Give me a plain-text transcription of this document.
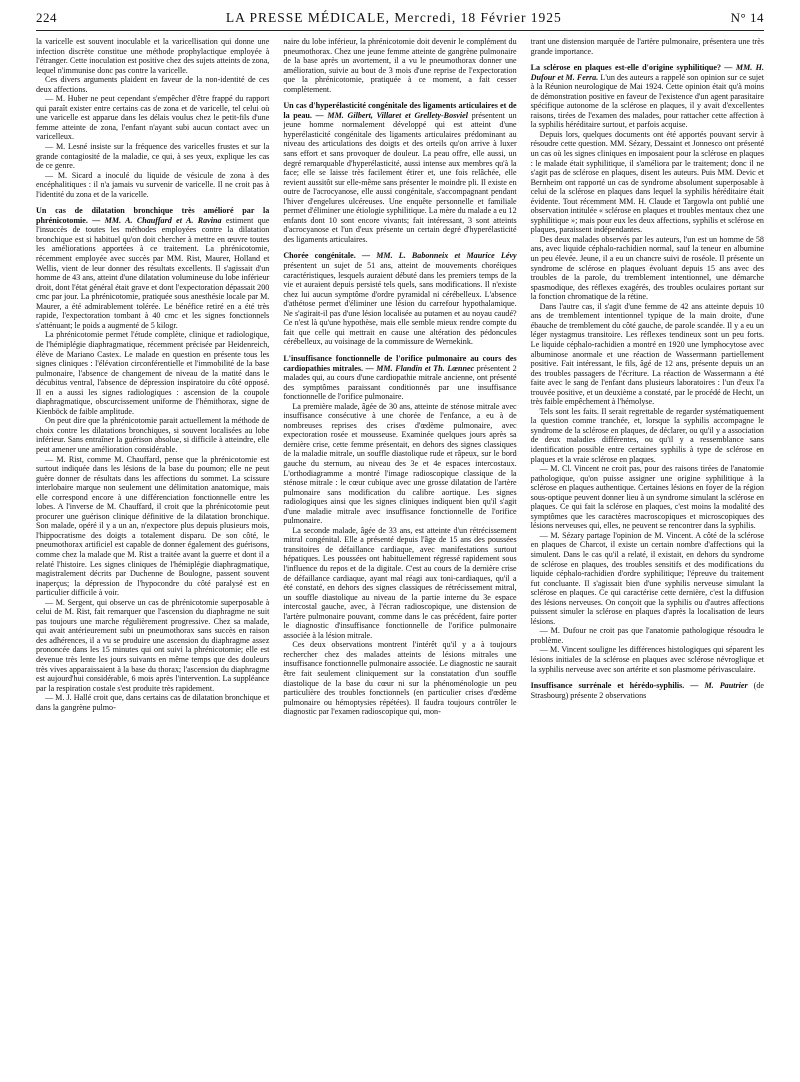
224	LA PRESSE MÉDICALE, Mercredi, 18 Février 1925	N° 14

la varicelle est souvent inoculable et la varicellisation qui donne une infection discrète constitue une méthode prophylactique employée à l'étranger. Cette inoculation est positive chez des sujets atteints de zona, lequel n'immunise donc pas contre la varicelle.

Ces divers arguments plaident en faveur de la non-identité de ces deux affections.

— M. Huber ne peut cependant s'empêcher d'être frappé du rapport qui paraît exister entre certains cas de zona et de varicelle, tel celui où une varicelle est apparue dans les délais voulus chez le petit-fils d'une femme atteinte de zona, l'enfant n'ayant subi aucun contact avec un varicelleux.

— M. Lesné insiste sur la fréquence des varicelles frustes et sur la grande contagiosité de la maladie, ce qui, à ses yeux, explique les cas de ce genre.

— M. Sicard a inoculé du liquide de vésicule de zona à des encéphalitiques : il n'a jamais vu survenir de varicelle. Il ne croit pas à l'identité du zona et de la varicelle.

Un cas de dilatation bronchique très amélioré par la phrénicotomie. — MM. A. Chauffard et A. Ravina estiment que l'insuccès de toutes les méthodes employées contre la dilatation bronchique est si habituel qu'on doit chercher à mettre en œuvre toutes les améliorations apportées à ce traitement. La phrénicotomie, récemment employée avec succès par MM. Rist, Maurer, Holland et Wellis, vient de leur donner des résultats excellents. Il s'agissait d'un homme de 43 ans, atteint d'une dilatation volumineuse du lobe inférieur droit, dont l'état général était grave et dont l'expectoration dépassait 200 cmc par jour. La phrénicotomie, pratiquée sous anesthésie locale par M. Maurer, a été admirablement tolérée. Le bénéfice retiré en a été très rapide, l'expectoration tombant à 40 cmc et les signes fonctionnels s'atténuant; le poids a augmenté de 5 kilogr.

La phrénicotomie permet l'étude complète, clinique et radiologique, de l'hémiplégie diaphragmatique, récemment précisée par Heidenreich, élève de Mariano Castex. Le malade en question en présente tous les signes cliniques : l'élévation circonférentielle et l'immobilité de la base pulmonaire, l'absence de changement de niveau de la matité dans le décubitus ventral, l'absence de dépression inspiratoire du côté opposé. Il en a aussi les signes radiologiques : ascension de la coupole diaphragmatique, obscurcissement uniforme de l'hémithorax, signe de Kienböck de faible amplitude.

On peut dire que la phrénicotomie parait actuellement la méthode de choix contre les dilatations bronchiques, si souvent localisées au lobe inférieur. Sans entraîner la guérison absolue, si difficile à atteindre, elle peut amener une amélioration considérable.

— M. Rist, comme M. Chauffard, pense que la phrénicotomie est surtout indiquée dans les lésions de la base du poumon; elle ne peut guère donner de résultats dans les affections du sommet. La scissure interlobaire marque non seulement une délimitation anatomique, mais elle correspond encore à une différenciation fonctionnelle entre les lobes. A l'inverse de M. Chauffard, il croit que la phrénicotomie peut procurer une guérison clinique définitive de la dilatation bronchique. Son malade, opéré il y a un an, n'expectore plus depuis plusieurs mois, l'hippocratisme des doigts a totalement disparu. De son côté, le pneumothorax artificiel est capable de donner également des guérisons, comme chez la malade que M. Rist a traitée avant la guerre et dont il a relaté l'histoire. Les signes cliniques de l'hémiplégie diaphragmatique, magistralement décrits par Duchenne de Boulogne, passent souvent inaperçus; la dépression de l'hypocondre du côté paralysé est en particulier difficile à voir.

— M. Sergent, qui observe un cas de phrénicotomie superposable à celui de M. Rist, fait remarquer que l'ascension du diaphragme ne suit pas toujours une marche régulièrement progressive. Chez sa malade, qui avait antérieurement subi un pneumothorax sans succès en raison des adhérences, il a vu se produire une ascension du diaphragme assez prononcée dans les 15 minutes qui ont suivi la phrénicotomie; elle est devenue très lente les jours suivants en même temps que des douleurs très vives apparaissaient à la base du thorax; l'ascension du diaphragme est aujourd'hui considérable, 6 mois après l'intervention. La suppléance par la respiration costale s'est produite très rapidement.

— M. J. Hallé croit que, dans certains cas de dilatation bronchique et dans la gangrène pulmo-

naire du lobe inférieur, la phrénicotomie doit devenir le complément du pneumothorax. Chez une jeune femme atteinte de gangrène pulmonaire de la base après un avortement, il a vu le pneumothorax donner une amélioration, suivie au bout de 3 mois d'une reprise de l'expectoration que la phrénicotomie, pratiquée à ce moment, a fait cesser complètement.

Un cas d'hyperélasticité congénitale des ligaments articulaires et de la peau. — MM. Gilbert, Villaret et Grellety-Bosviel présentent un jeune homme normalement développé qui est atteint d'une hyperélasticité congénitale des ligaments articulaires prédominant au niveau des articulations des doigts et des orteils qu'on arrive à luxer sans effort et sans provoquer de douleur. La peau offre, elle aussi, un degré remarquable d'hyperélasticité, aussi intense aux membres qu'à la face; elle se laisse très facilement étirer et, une fois relâchée, elle revient aussitôt sur elle-même sans présenter le moindre pli. Il existe en outre de l'acrocyanose, elle aussi congénitale, s'accompagnant pendant l'hiver d'engelures ulcéreuses. Une enquête personnelle et familiale permet d'éliminer une étiologie syphilitique. La mère du malade a eu 12 enfants dont 10 sont encore vivants; fait intéressant, 3 sont atteints d'acrocyanose et l'un d'eux présente un certain degré d'hyperélasticité des ligaments articulaires.
Chorée congénitale. — MM. L. Babonneix et Maurice Lévy présentent un sujet de 51 ans, atteint de mouvements choréiques caractéristiques, lesquels auraient débuté dans les premiers temps de la vie et auraient depuis persisté tels quels, sans modifications. Il n'existe chez lui aucun symptôme d'ordre pyramidal ni cérébelleux. L'absence d'athétose permet d'éliminer une lésion du carrefour hypothalamique. Ne s'agirait-il pas d'une lésion localisée au putamen et au noyau caudé? Ce n'est là qu'une hypothèse, mais elle semble mieux rendre compte du fait que celle qui mettrait en cause une altération des pédoncules cérébelleux, au voisinage de la commissure de Wernekink.
L'insuffisance fonctionnelle de l'orifice pulmonaire au cours des cardiopathies mitrales. — MM. Flandin et Th. Lœnnec présentent 2 malades qui, au cours d'une cardiopathie mitrale ancienne, ont présenté des symptômes paraissant conditionnés par une insuffisance fonctionnelle de l'orifice pulmonaire.

La première malade, âgée de 30 ans, atteinte de sténose mitrale avec insuffisance consécutive à une chorée de l'enfance, a eu à de nombreuses reprises des crises d'œdème pulmonaire, avec expectoration rosée et mousseuse. Examinée quelques jours après sa dernière crise, cette femme présentait, en dehors des signes classiques de la maladie mitrale, un souffle diastolique rude et râpeux, sur le bord gauche du sternum, au niveau des 3e et 4e espaces intercostaux. L'orthodiagramme a montré l'image radioscopique classique de la sténose mitrale : le cœur cubique avec une grosse dilatation de l'artère pulmonaire sans modification du calibre aortique. Les signes radiologiques ainsi que les signes cliniques indiquent bien qu'il s'agit d'une maladie mitrale avec insuffisance fonctionnelle de l'orifice pulmonaire.

La seconde malade, âgée de 33 ans, est atteinte d'un rétrécissement mitral congénital. Elle a présenté depuis l'âge de 15 ans des poussées transitoires de défaillance cardiaque, avec manifestations surtout hépatiques. Les poussées ont habituellement régressé rapidement sous l'influence du repos et de la digitale. C'est au cours de la dernière crise de défaillance cardiaque, ayant mal réagi aux toni-cardiaques, qu'il a été constaté, en dehors des signes classiques de rétrécissement mitral, un souffle diastolique au niveau de la partie interne du 3e espace intercostal gauche, avec, à l'écran radioscopique, une distension de l'artère pulmonaire pouvant, comme dans le cas précédent, faire porter le diagnostic d'insuffisance fonctionnelle de l'orifice pulmonaire associée à la lésion mitrale.

Ces deux observations montrent l'intérêt qu'il y a à toujours rechercher chez des malades atteints de lésions mitrales une insuffisance fonctionnelle pulmonaire associée. Le diagnostic ne saurait être fait seulement cliniquement sur la constatation d'un souffle diastolique de la base du cœur ni sur la phénoménologie un peu particulière des troubles fonctionnels (en particulier crises d'œdème pulmonaire ou hémoptysies répétées). Il faudra toujours contrôler le diagnostic par l'examen radioscopique qui, mon-

trant une distension marquée de l'artère pulmonaire, présentera une très grande importance.

La sclérose en plaques est-elle d'origine syphilitique? — MM. H. Dufour et M. Ferra. L'un des auteurs a rappelé son opinion sur ce sujet à la Réunion neurologique de Mai 1924. Cette opinion était qu'à moins de démonstration positive en faveur de l'existence d'un agent parasitaire spécifique autonome de la sclérose en plaques, il y avait d'excellentes raisons, tirées de l'examen des malades, pour rattacher cette affection à la syphilis héréditaire surtout, et parfois acquise.

Depuis lors, quelques documents ont été apportés pouvant servir à résoudre cette question. MM. Sézary, Dessaint et Jonnesco ont présenté un cas où les signes cliniques en imposaient pour la sclérose en plaques : le malade était syphilitique, il s'améliora par le traitement; donc il ne s'agit pas de sclérose en plaques, disent les auteurs. Puis MM. Devic et Bernheim ont rapporté un cas de syndrome absolument superposable à celui de la sclérose en plaques dans lequel la syphilis héréditaire était évidente. Tout récemment MM. H. Claude et Targowla ont publié une observation intitulée « sclérose en plaques et troubles mentaux chez une syphilitique »; mais pour eux les deux affections, syphilis et sclérose en plaques, paraissent indépendantes.

Des deux malades observés par les auteurs, l'un est un homme de 58 ans, avec liquide céphalo-rachidien normal, sauf la teneur en albumine un peu élevée. Jeune, il a eu un chancre suivi de roséole. Il présente un syndrome de sclérose en plaques évoluant depuis 15 ans avec des troubles de la parole, du tremblement intentionnel, une démarche spasmodique, des réflexes exagérés, des troubles oculaires portant sur la fonction chromatique de la rétine.

Dans l'autre cas, il s'agit d'une femme de 42 ans atteinte depuis 10 ans de tremblement intentionnel typique de la main droite, d'une ébauche de tremblement du côté gauche, de parole scandée. Il y a eu un léger nystagmus transitoire. Les réflexes tendineux sont un peu forts. Le liquide céphalo-rachidien a montré en 1920 une lymphocytose avec albuminose anormale et une réaction de Wassermann partiellement positive. Fait intéressant, le fils, âgé de 12 ans, présente depuis un an des troubles passagers de l'écriture. La réaction de Wassermann a été faite avec le sang de l'enfant dans plusieurs laboratoires : l'un d'eux l'a trouvée positive, et un deuxième a constaté, par le procédé de Hecht, un très faible empêchement à l'hémolyse.

Tels sont les faits. Il serait regrettable de regarder systématiquement la question comme tranchée, et, lorsque la syphilis accompagne le syndrome de la sclérose en plaques, de déclarer, ou qu'il y a association de deux maladies différentes, ou qu'il y a ressemblance sans identification possible entre certaines syphilis à type de sclérose en plaques et la vraie sclérose en plaques.

— M. Cl. Vincent ne croit pas, pour des raisons tirées de l'anatomie pathologique, qu'on puisse assigner une origine syphilitique à la sclérose en plaques authentique. Certaines lésions en foyer de la région sous-optique peuvent donner lieu à un syndrome simulant la sclérose en plaques. Ce qui fait la sclérose en plaques, c'est moins la modalité des symptômes que les caractères macroscopiques et microscopiques des lésions nerveuses qui, elles, ne peuvent se rencontrer dans la syphilis.

— M. Sézary partage l'opinion de M. Vincent. A côté de la sclérose en plaques de Charcot, il existe un certain nombre d'affections qui la simulent. Dans le cas qu'il a relaté, il existait, en dehors du syndrome de sclérose en plaques, des troubles sensitifs et des modifications du liquide céphalo-rachidien d'ordre syphilitique; l'épreuve du traitement fut concluante. Il s'agissait bien d'une syphilis nerveuse simulant la sclérose en plaques. Ce qui caractérise cette dernière, c'est la diffusion des lésions nerveuses. On conçoit que la syphilis ou d'autres affections puissent simuler la sclérose en plaques d'après la localisation de leurs lésions.

— M. Dufour ne croit pas que l'anatomie pathologique résoudra le problème.

— M. Vincent souligne les différences histologiques qui séparent les lésions initiales de la sclérose en plaques avec sclérose névroglique et la syphilis nerveuse avec son artérite et son plasmome périvasculaire.

Insuffisance surrénale et hérédo-syphilis. — M. Pautrier (de Strasbourg) présente 2 observations
